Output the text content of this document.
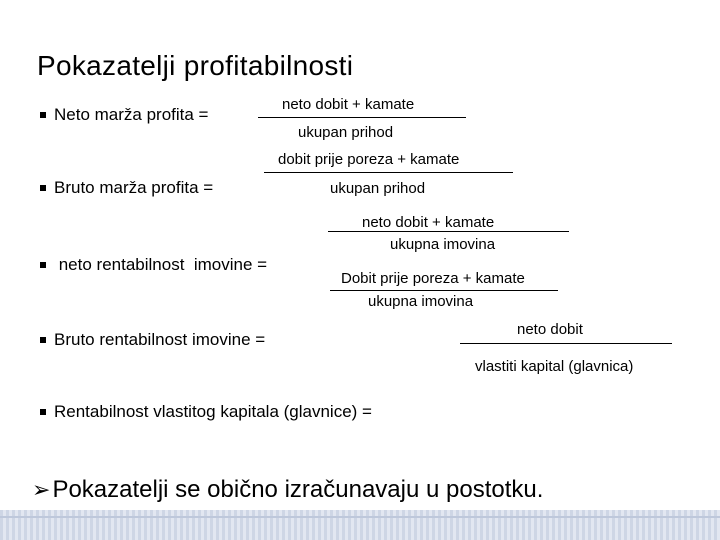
Pokazatelji profitabilnosti
Neto marža profita =
neto dobit + kamate
ukupan prihod
dobit prije poreza + kamate
Bruto marža profita =	ukupan prihod
neto dobit + kamate
ukupna imovina
neto rentabilnost  imovine =
Dobit prije poreza + kamate
ukupna imovina
neto dobit
Bruto rentabilnost imovine =
vlastiti kapital (glavnica)
Rentabilnost vlastitog kapitala (glavnice) =
➢ Pokazatelji se obično izračunavaju u postotku.
